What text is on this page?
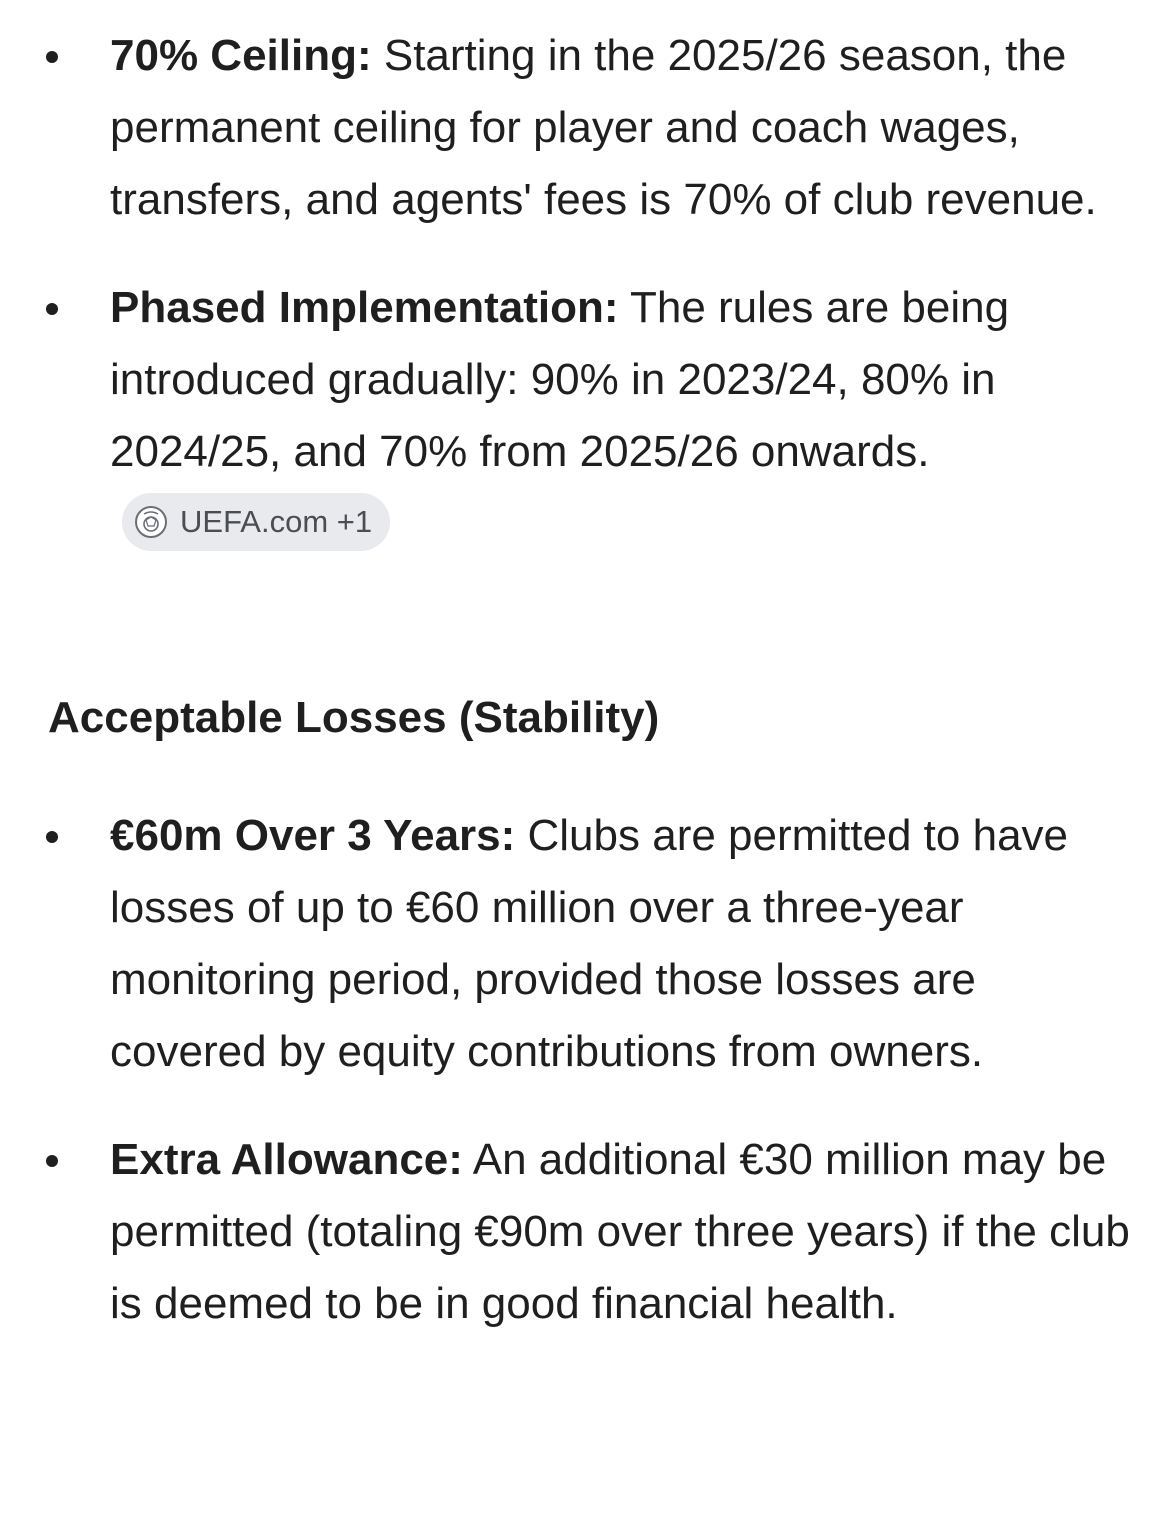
70% Ceiling: Starting in the 2025/26 season, the permanent ceiling for player and coach wages, transfers, and agents' fees is 70% of club revenue.
Phased Implementation: The rules are being introduced gradually: 90% in 2023/24, 80% in 2024/25, and 70% from 2025/26 onwards.
UEFA.com +1
Acceptable Losses (Stability)
€60m Over 3 Years: Clubs are permitted to have losses of up to €60 million over a three-year monitoring period, provided those losses are covered by equity contributions from owners.
Extra Allowance: An additional €30 million may be permitted (totaling €90m over three years) if the club is deemed to be in good financial health.
